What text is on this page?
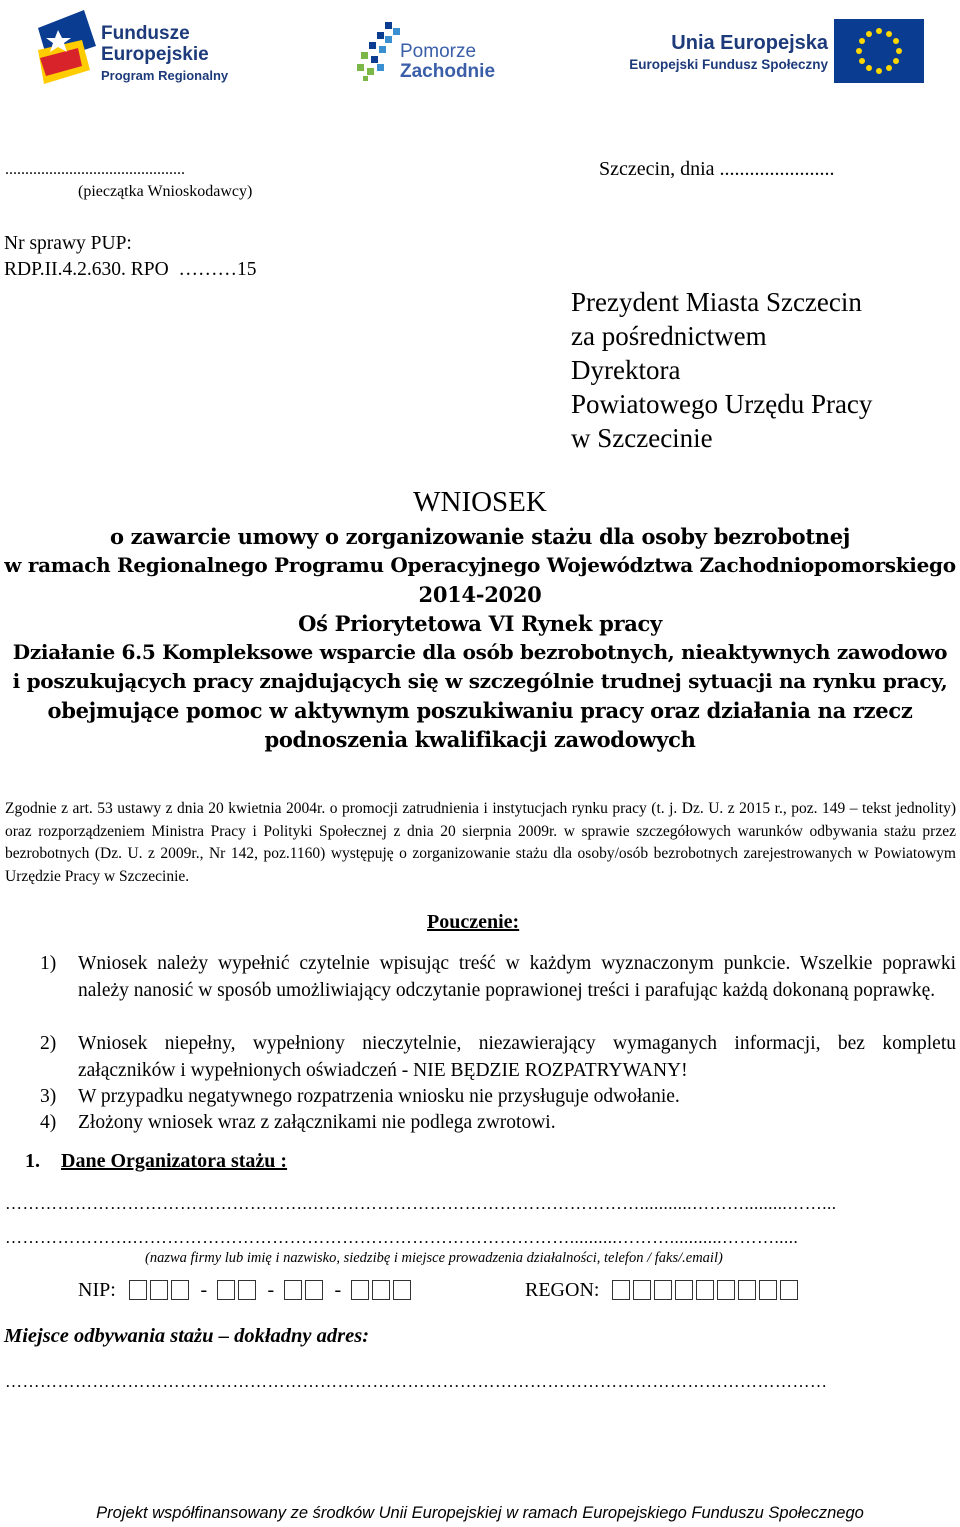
Fundusze
Europejskie
Program Regionalny
Pomorze
Zachodnie
Unia Europejska
Europejski Fundusz Społeczny
.............................................
(pieczątka Wnioskodawcy)
Szczecin, dnia .......................
Nr sprawy PUP:
RDP.II.4.2.630. RPO  ………15
Prezydent Miasta Szczecin
za pośrednictwem
Dyrektora
Powiatowego Urzędu Pracy
w Szczecinie
WNIOSEK
o zawarcie umowy o zorganizowanie stażu dla osoby bezrobotnej
w ramach Regionalnego Programu Operacyjnego Województwa Zachodniopomorskiego
2014-2020
Oś Priorytetowa VI Rynek pracy
Działanie 6.5 Kompleksowe wsparcie dla osób bezrobotnych, nieaktywnych zawodowo
i poszukujących pracy znajdujących się w szczególnie trudnej sytuacji na rynku pracy,
obejmujące pomoc w aktywnym poszukiwaniu pracy oraz działania na rzecz
podnoszenia kwalifikacji zawodowych
Zgodnie z art. 53 ustawy z dnia 20 kwietnia 2004r. o promocji zatrudnienia i instytucjach rynku pracy (t. j. Dz. U. z 2015 r., poz. 149 – tekst jednolity) oraz rozporządzeniem Ministra Pracy i Polityki Społecznej z dnia 20 sierpnia 2009r. w sprawie szczegółowych warunków odbywania stażu przez bezrobotnych (Dz. U. z 2009r., Nr 142, poz.1160) występuję o zorganizowanie stażu dla osoby/osób bezrobotnych zarejestrowanych w Powiatowym Urzędzie Pracy w Szczecinie.
Pouczenie:
1) Wniosek należy wypełnić czytelnie wpisując treść w każdym wyznaczonym punkcie. Wszelkie poprawki należy nanosić w sposób umożliwiający odczytanie poprawionej treści i parafując każdą dokonaną poprawkę.
2) Wniosek niepełny, wypełniony nieczytelnie, niezawierający wymaganych informacji, bez kompletu załączników i wypełnionych oświadczeń - NIE BĘDZIE ROZPATRYWANY!
3) W przypadku negatywnego rozpatrzenia wniosku nie przysługuje odwołanie.
4) Złożony wniosek wraz z załącznikami nie podlega zwrotowi.
1. Dane Organizatora stażu :
…………………………………………….…………………………………………………...........……….........……...
………………….…………………………………………………………………..........………...........……….....
(nazwa firmy lub imię i nazwisko, siedzibę i miejsce prowadzenia działalności, telefon / faks/.email)
NIP:	-	-	-	REGON:
Miejsce odbywania stażu – dokładny adres:
……………………………………………………………………………………………………………………………
Projekt współfinansowany ze środków Unii Europejskiej w ramach Europejskiego Funduszu Społecznego
